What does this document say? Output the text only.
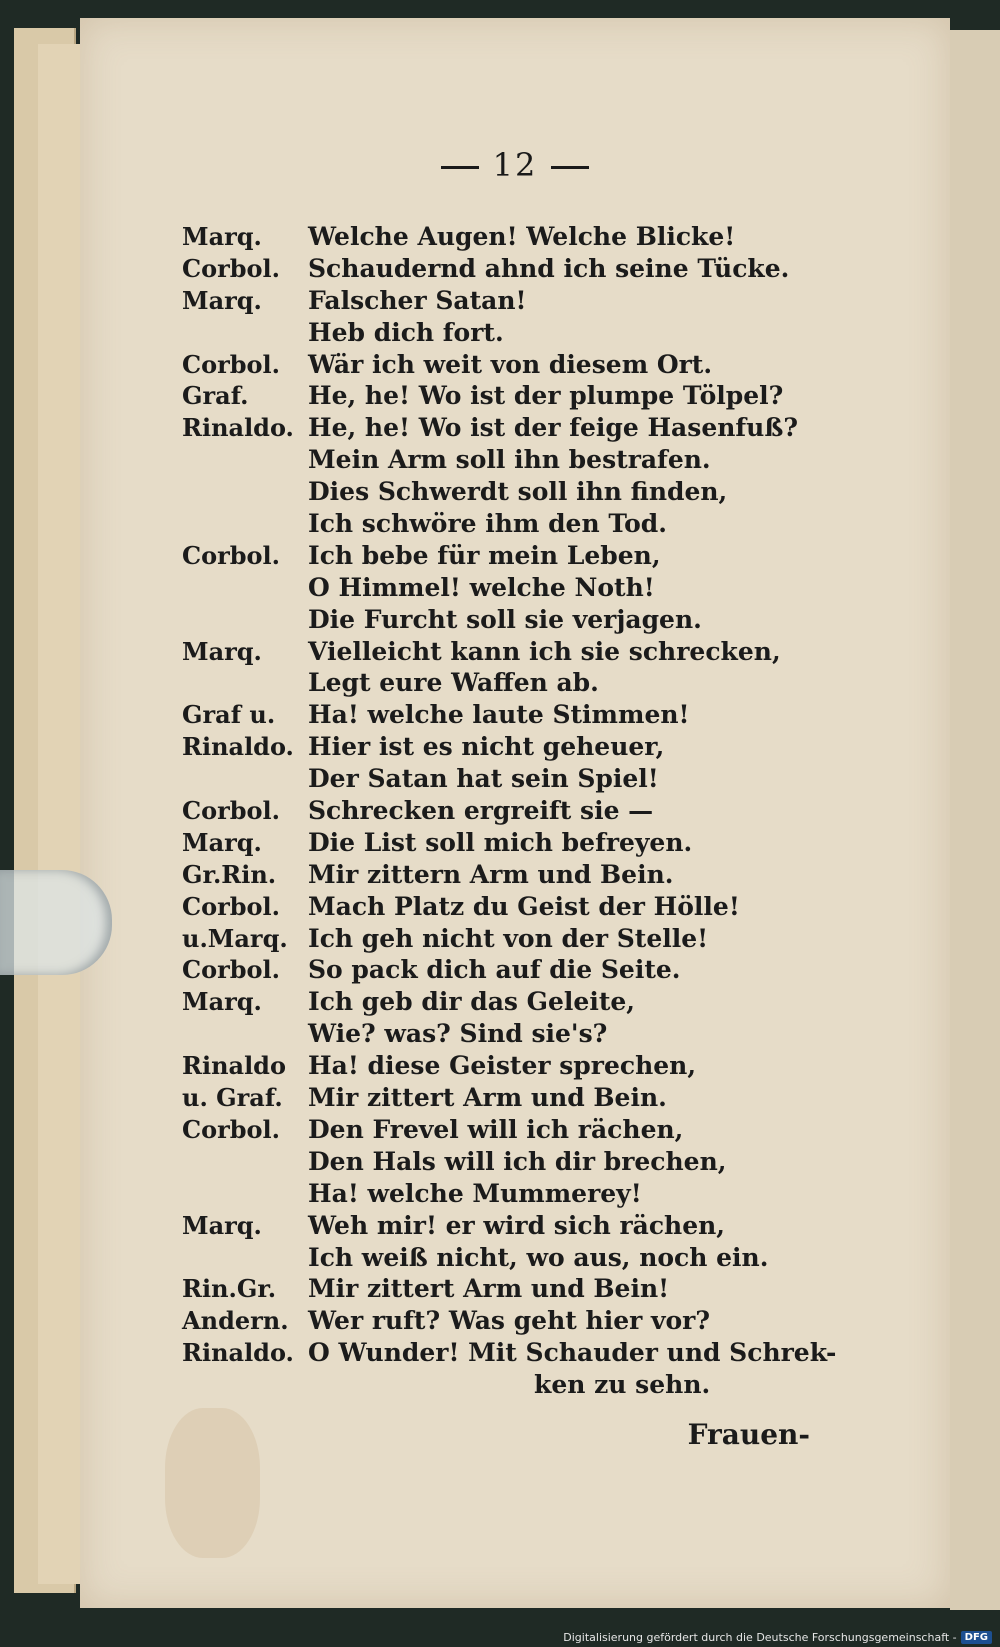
12
Marq. Welche Augen! Welche Blicke!
Corbol. Schaudernd ahnd ich seine Tücke.
Marq. Falscher Satan!
Heb dich fort.
Corbol. Wär ich weit von diesem Ort.
Graf. He, he! Wo ist der plumpe Tölpel?
Rinaldo. He, he! Wo ist der feige Hasenfuß?
Mein Arm soll ihn bestrafen.
Dies Schwerdt soll ihn finden,
Ich schwöre ihm den Tod.
Corbol. Ich bebe für mein Leben,
O Himmel! welche Noth!
Die Furcht soll sie verjagen.
Marq. Vielleicht kann ich sie schrecken,
Legt eure Waffen ab.
Graf u. Ha! welche laute Stimmen!
Rinaldo. Hier ist es nicht geheuer,
Der Satan hat sein Spiel!
Corbol. Schrecken ergreift sie —
Marq. Die List soll mich befreyen.
Gr.Rin. Mir zittern Arm und Bein.
Corbol. Mach Platz du Geist der Hölle!
u.Marq. Ich geh nicht von der Stelle!
Corbol. So pack dich auf die Seite.
Marq. Ich geb dir das Geleite,
Wie? was? Sind sie's?
Rinaldo Ha! diese Geister sprechen,
u. Graf. Mir zittert Arm und Bein.
Corbol. Den Frevel will ich rächen,
Den Hals will ich dir brechen,
Ha! welche Mummerey!
Marq. Weh mir! er wird sich rächen,
Ich weiß nicht, wo aus, noch ein.
Rin.Gr. Mir zittert Arm und Bein!
Andern. Wer ruft? Was geht hier vor?
Rinaldo. O Wunder! Mit Schauder und Schrek-
ken zu sehn.
Frauen-
Digitalisierung gefördert durch die Deutsche Forschungsgemeinschaft - DFG
